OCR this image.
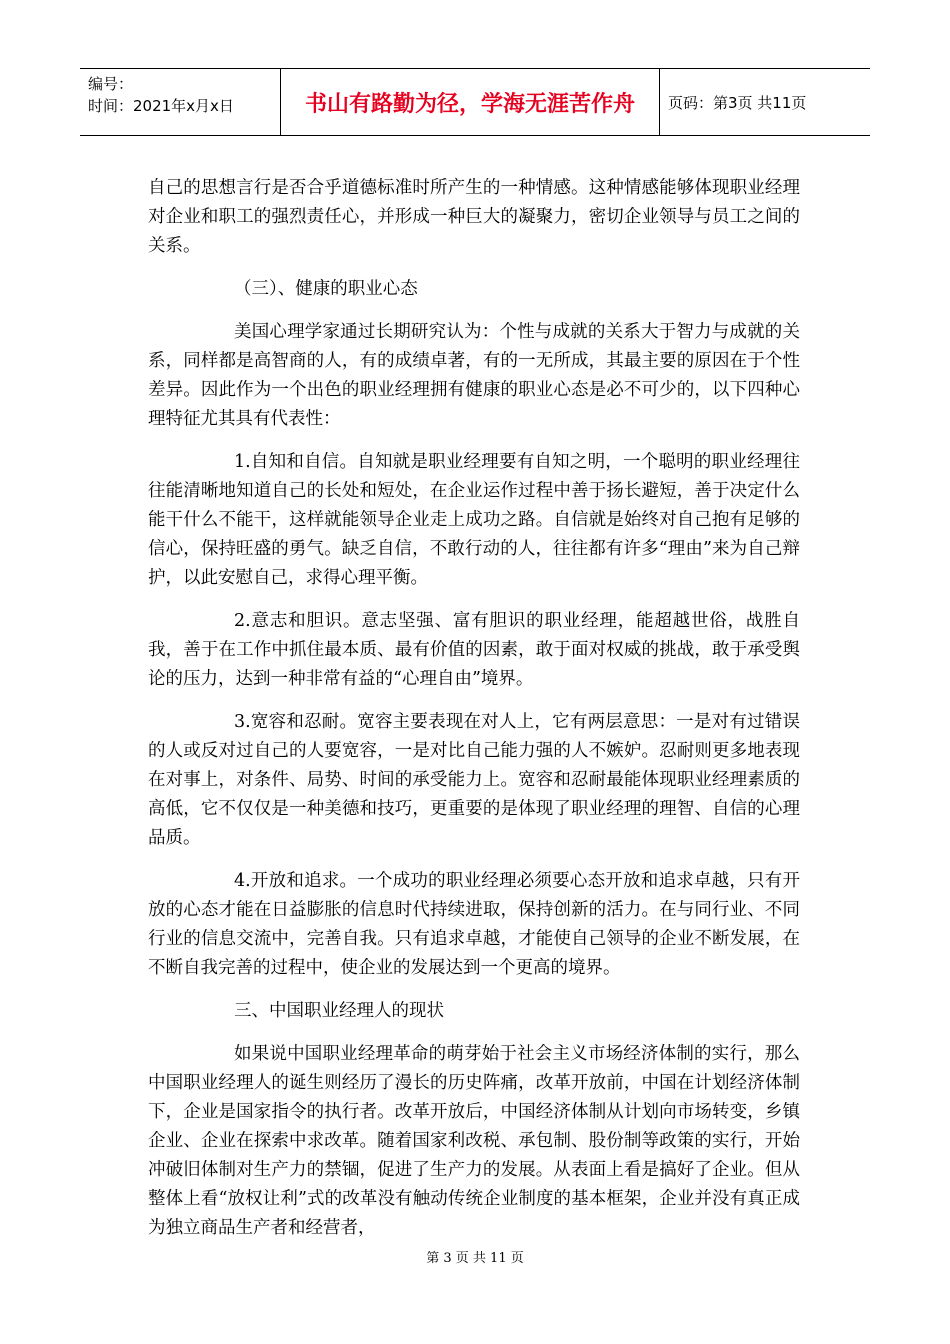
编号：
时间：2021年x月x日	书山有路勤为径，学海无涯苦作舟	页码：第3页 共11页

自己的思想言行是否合乎道德标准时所产生的一种情感。这种情感能够体现职业经理对企业和职工的强烈责任心，并形成一种巨大的凝聚力，密切企业领导与员工之间的关系。

（三）、健康的职业心态

美国心理学家通过长期研究认为：个性与成就的关系大于智力与成就的关系，同样都是高智商的人，有的成绩卓著，有的一无所成，其最主要的原因在于个性差异。因此作为一个出色的职业经理拥有健康的职业心态是必不可少的，以下四种心理特征尤其具有代表性：

1.自知和自信。自知就是职业经理要有自知之明，一个聪明的职业经理往往能清晰地知道自己的长处和短处，在企业运作过程中善于扬长避短，善于决定什么能干什么不能干，这样就能领导企业走上成功之路。自信就是始终对自己抱有足够的信心，保持旺盛的勇气。缺乏自信，不敢行动的人，往往都有许多“理由”来为自己辩护，以此安慰自己，求得心理平衡。

2.意志和胆识。意志坚强、富有胆识的职业经理，能超越世俗，战胜自我，善于在工作中抓住最本质、最有价值的因素，敢于面对权威的挑战，敢于承受舆论的压力，达到一种非常有益的“心理自由”境界。

3.宽容和忍耐。宽容主要表现在对人上，它有两层意思：一是对有过错误的人或反对过自己的人要宽容，一是对比自己能力强的人不嫉妒。忍耐则更多地表现在对事上，对条件、局势、时间的承受能力上。宽容和忍耐最能体现职业经理素质的高低，它不仅仅是一种美德和技巧，更重要的是体现了职业经理的理智、自信的心理品质。

4.开放和追求。一个成功的职业经理必须要心态开放和追求卓越，只有开放的心态才能在日益膨胀的信息时代持续进取，保持创新的活力。在与同行业、不同行业的信息交流中，完善自我。只有追求卓越，才能使自己领导的企业不断发展，在不断自我完善的过程中，使企业的发展达到一个更高的境界。

三、中国职业经理人的现状

如果说中国职业经理革命的萌芽始于社会主义市场经济体制的实行，那么中国职业经理人的诞生则经历了漫长的历史阵痛，改革开放前，中国在计划经济体制下，企业是国家指令的执行者。改革开放后，中国经济体制从计划向市场转变，乡镇企业、企业在探索中求改革。随着国家利改税、承包制、股份制等政策的实行，开始冲破旧体制对生产力的禁锢，促进了生产力的发展。从表面上看是搞好了企业。但从整体上看“放权让利”式的改革没有触动传统企业制度的基本框架，企业并没有真正成为独立商品生产者和经营者，

第 3 页 共 11 页
